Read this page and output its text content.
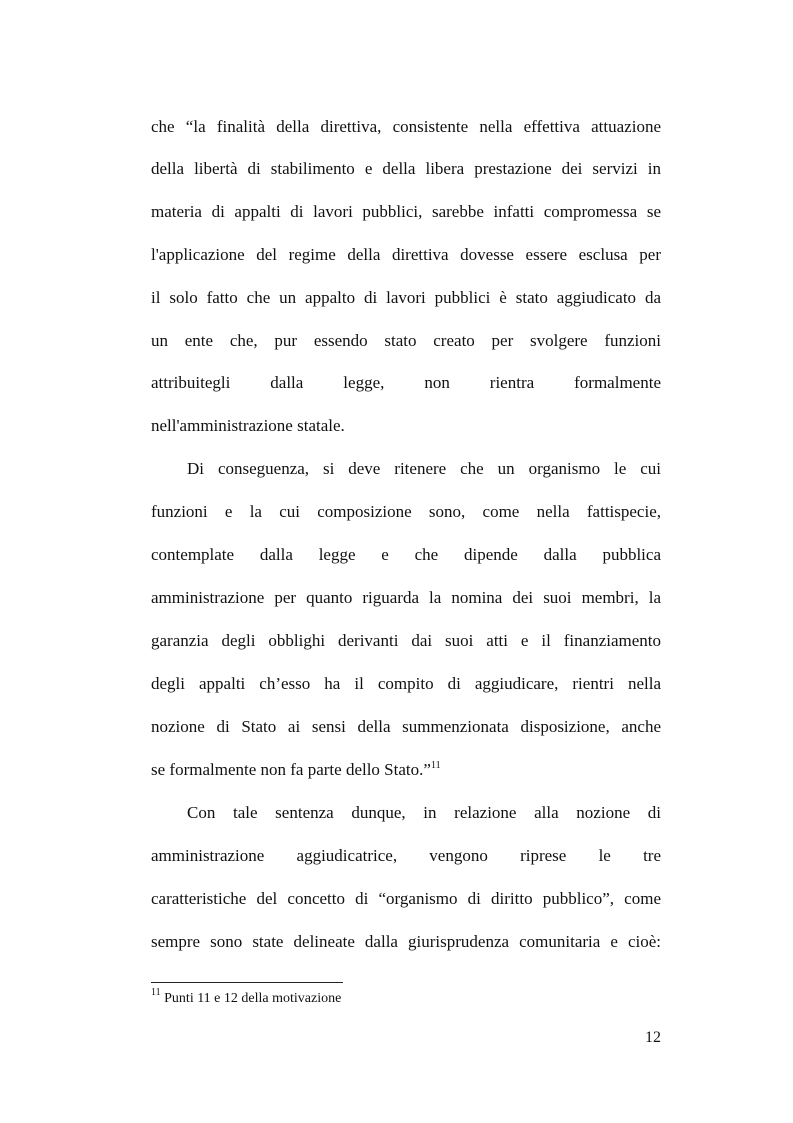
che “la finalità della direttiva, consistente nella effettiva attuazione
della libertà di stabilimento e della libera prestazione dei servizi in
materia di appalti di lavori pubblici, sarebbe infatti compromessa se
l'applicazione del regime della direttiva dovesse essere esclusa per
il solo fatto che un appalto di lavori pubblici è stato aggiudicato da
un ente che, pur essendo stato creato per svolgere funzioni
attribuitegli dalla legge, non rientra formalmente
nell'amministrazione statale.
Di conseguenza, si deve ritenere che un organismo le cui
funzioni e la cui composizione sono, come nella fattispecie,
contemplate dalla legge e che dipende dalla pubblica
amministrazione per quanto riguarda la nomina dei suoi membri, la
garanzia degli obblighi derivanti dai suoi atti e il finanziamento
degli appalti ch’esso ha il compito di aggiudicare, rientri nella
nozione di Stato ai sensi della summenzionata disposizione, anche
se formalmente non fa parte dello Stato.”$^{11}$
Con tale sentenza dunque, in relazione alla nozione di
amministrazione aggiudicatrice, vengono riprese le tre
caratteristiche del concetto di “organismo di diritto pubblico”, come
sempre sono state delineate dalla giurisprudenza comunitaria e cioè:
$^{11}$ Punti 11 e 12 della motivazione
12
